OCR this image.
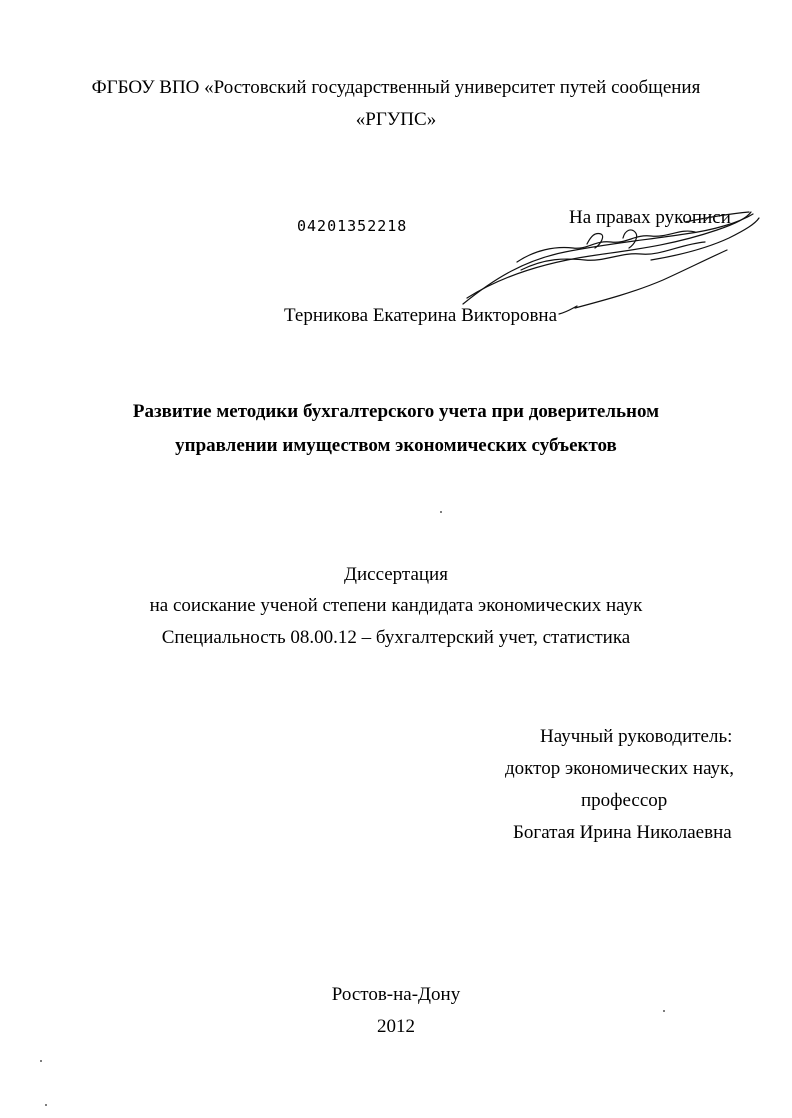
ФГБОУ ВПО «Ростовский государственный университет путей сообщения
«РГУПС»
04201352218	На правах рукописи
Терникова Екатерина Викторовна
Развитие методики бухгалтерского учета при доверительном
управлении имуществом экономических субъектов
Диссертация
на соискание ученой степени кандидата экономических наук
Специальность 08.00.12 – бухгалтерский учет, статистика
Научный руководитель:
доктор экономических наук,
профессор
Богатая Ирина Николаевна
Ростов-на-Дону
2012
